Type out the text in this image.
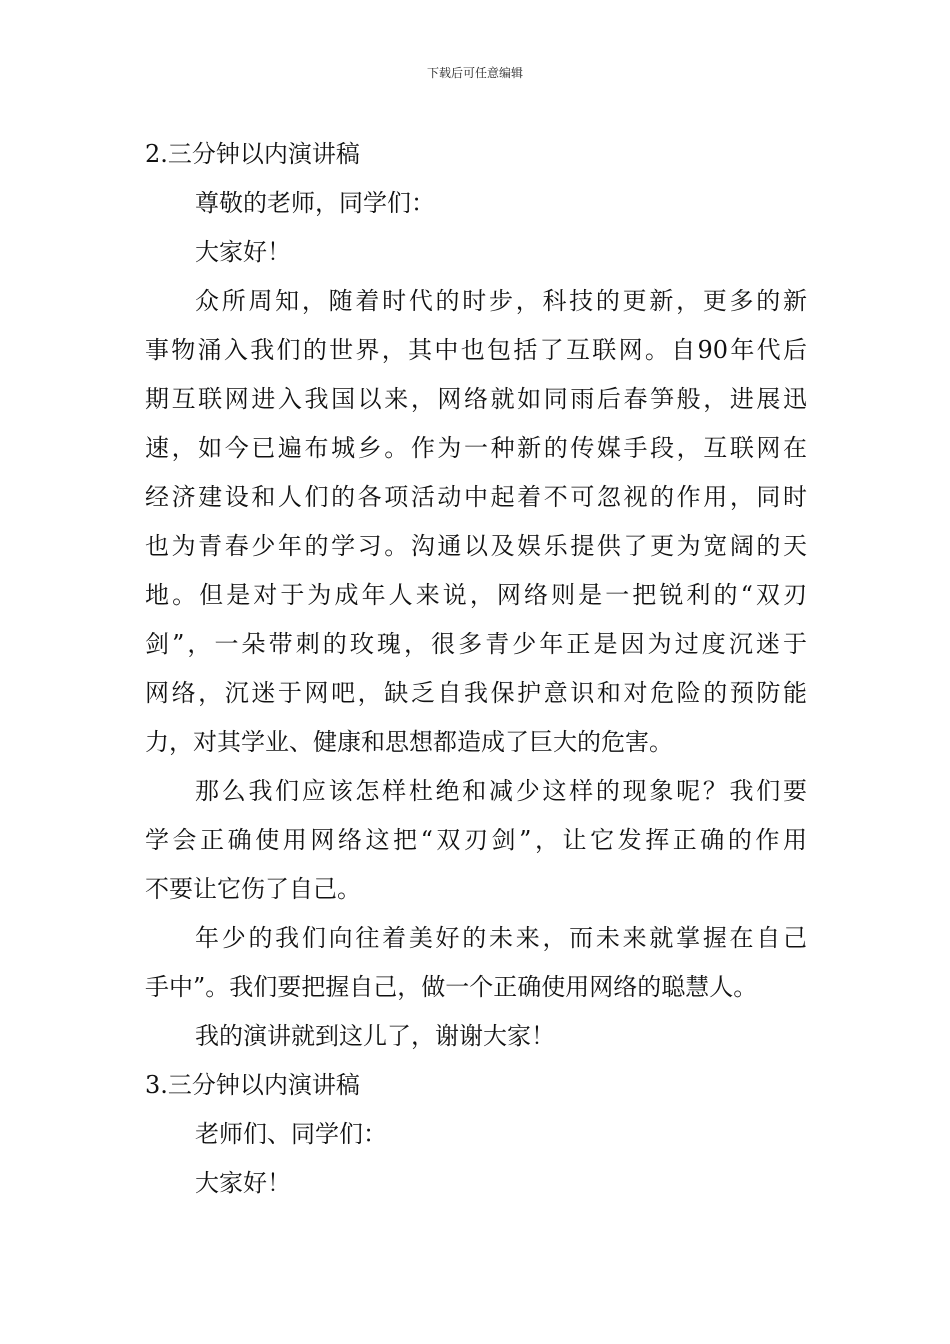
下载后可任意编辑
2.三分钟以内演讲稿
尊敬的老师，同学们：
大家好！
众所周知，随着时代的时步，科技的更新，更多的新
事物涌入我们的世界，其中也包括了互联网。自90年代后
期互联网进入我国以来，网络就如同雨后春笋般，进展迅
速，如今已遍布城乡。作为一种新的传媒手段，互联网在
经济建设和人们的各项活动中起着不可忽视的作用，同时
也为青春少年的学习。沟通以及娱乐提供了更为宽阔的天
地。但是对于为成年人来说，网络则是一把锐利的“双刃
剑”，一朵带刺的玫瑰，很多青少年正是因为过度沉迷于
网络，沉迷于网吧，缺乏自我保护意识和对危险的预防能
力，对其学业、健康和思想都造成了巨大的危害。
那么我们应该怎样杜绝和减少这样的现象呢？我们要
学会正确使用网络这把“双刃剑”，让它发挥正确的作用
不要让它伤了自己。
年少的我们向往着美好的未来，而未来就掌握在自己
手中”。我们要把握自己，做一个正确使用网络的聪慧人。
我的演讲就到这儿了，谢谢大家！
3.三分钟以内演讲稿
老师们、同学们：
大家好！
